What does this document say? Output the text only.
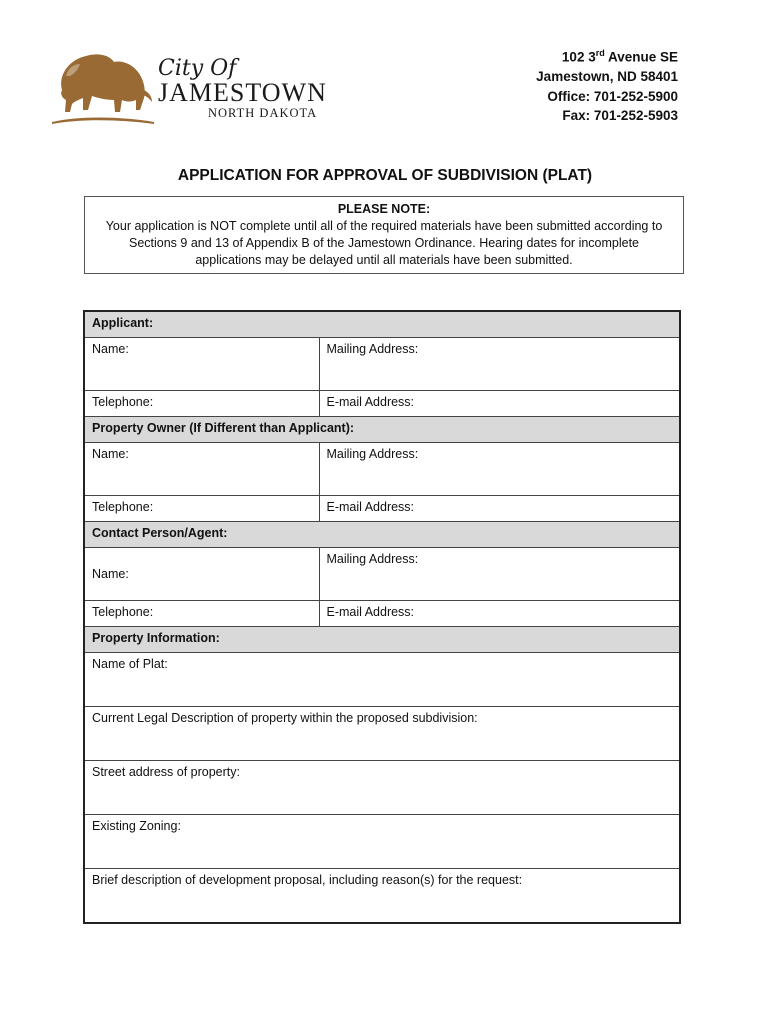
City Of
JAMESTOWN
NORTH DAKOTA
102 3rd Avenue SE
Jamestown, ND 58401
Office: 701-252-5900
Fax: 701-252-5903
APPLICATION FOR APPROVAL OF SUBDIVISION (PLAT)
PLEASE NOTE:
Your application is NOT complete until all of the required materials have been submitted according to
Sections 9 and 13 of Appendix B of the Jamestown Ordinance. Hearing dates for incomplete
applications may be delayed until all materials have been submitted.
Applicant:	
Name:	Mailing Address:
Telephone:	E-mail Address:
Property Owner (If Different than Applicant):	
Name:	Mailing Address:
Telephone:	E-mail Address:
Contact Person/Agent:	
Name:	Mailing Address:
Telephone:	E-mail Address:
Property Information:	
Name of Plat:	
Current Legal Description of property within the proposed subdivision:	
Street address of property:	
Existing Zoning:	
Brief description of development proposal, including reason(s) for the request:	
